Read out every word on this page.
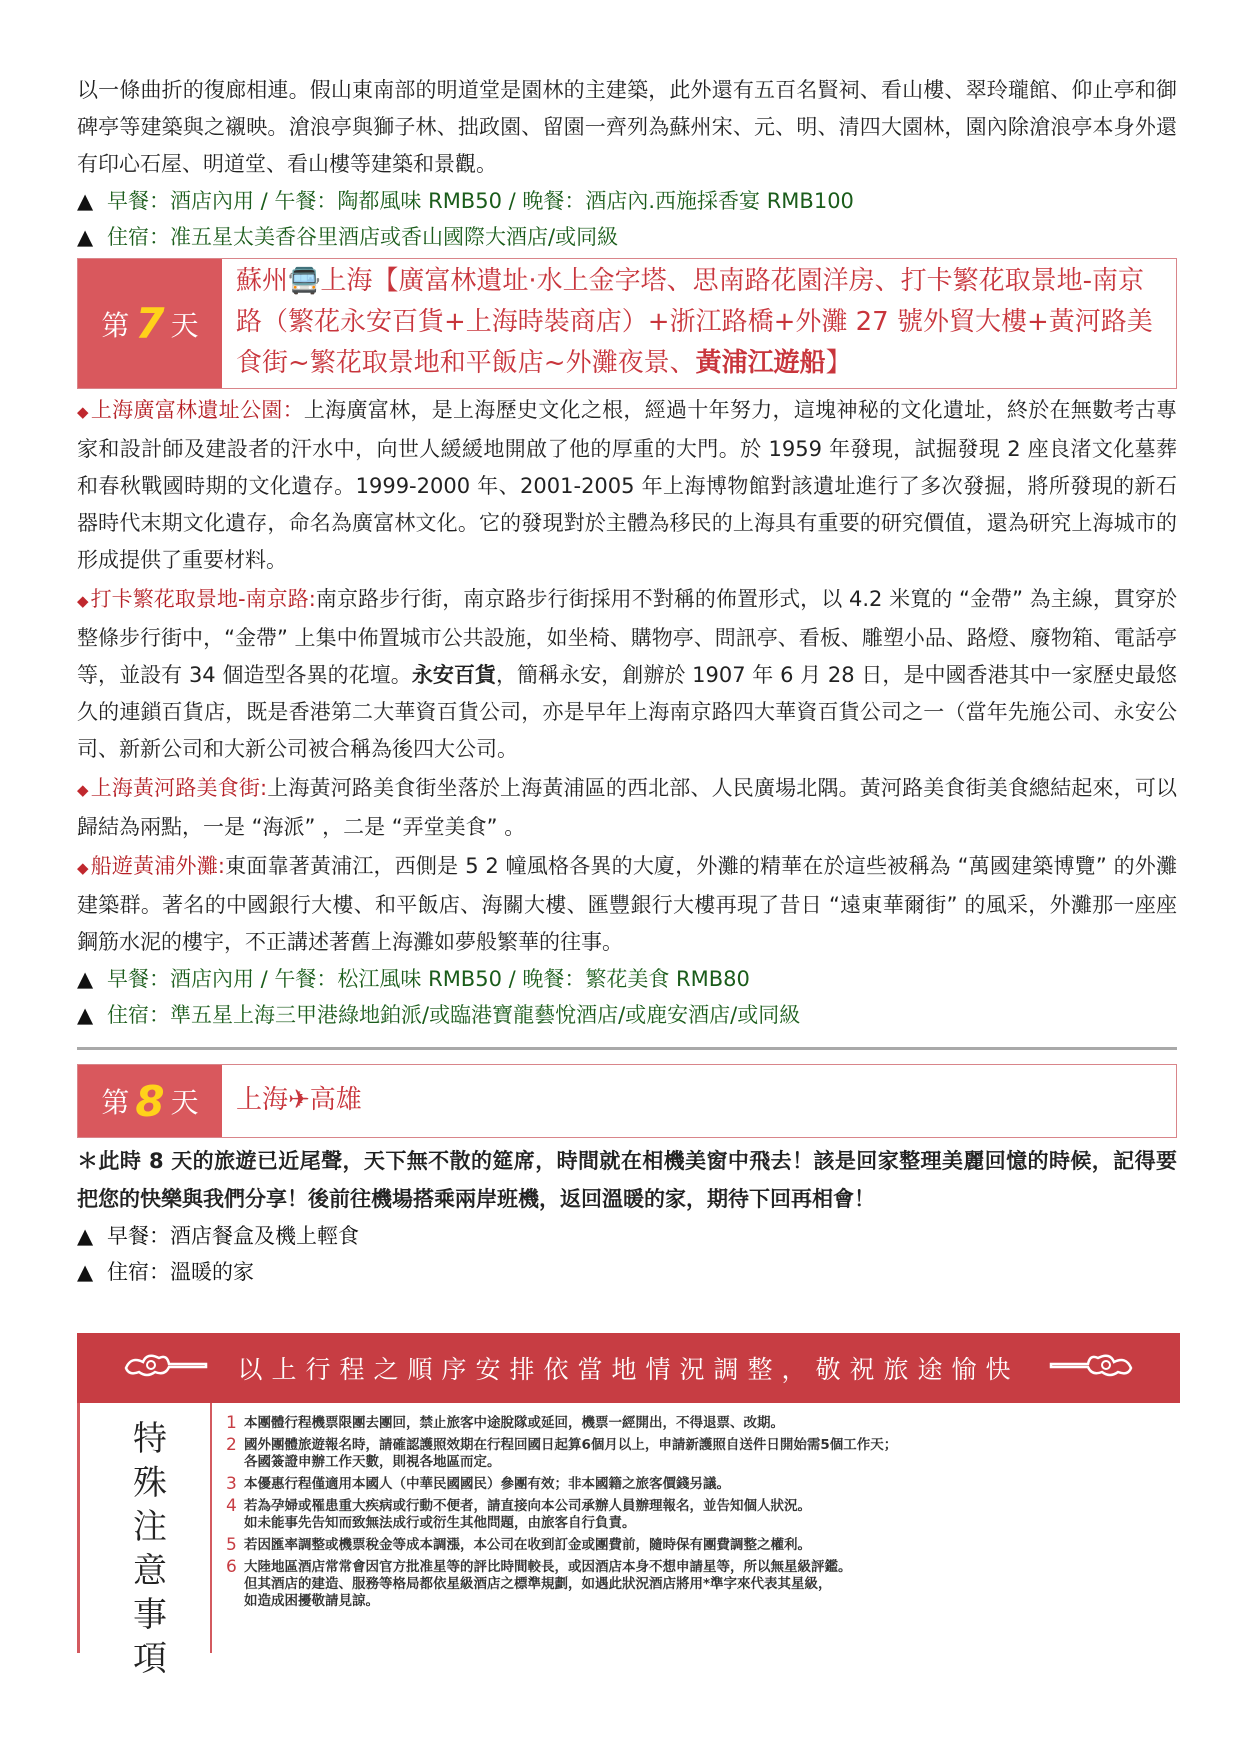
以一條曲折的復廊相連。假山東南部的明道堂是園林的主建築，此外還有五百名賢祠、看山樓、翠玲瓏館、仰止亭和御碑亭等建築與之襯映。滄浪亭與獅子林、拙政園、留園一齊列為蘇州宋、元、明、清四大園林，園內除滄浪亭本身外還有印心石屋、明道堂、看山樓等建築和景觀。

▲ 早餐：酒店內用 / 午餐：陶都風味 RMB50 / 晚餐：酒店內.西施採香宴 RMB100

▲ 住宿：准五星太美香谷里酒店或香山國際大酒店/或同級

第 7 天
蘇州🚍上海【廣富林遺址·水上金字塔、思南路花園洋房、打卡繁花取景地-南京路（繁花永安百貨+上海時裝商店）+浙江路橋+外灘 27 號外貿大樓+黃河路美食街~繁花取景地和平飯店~外灘夜景、黃浦江遊船】

◆上海廣富林遺址公園：上海廣富林，是上海歷史文化之根，經過十年努力，這塊神秘的文化遺址，終於在無數考古專家和設計師及建設者的汗水中，向世人緩緩地開啟了他的厚重的大門。於 1959 年發現，試掘發現 2 座良渚文化墓葬和春秋戰國時期的文化遺存。1999-2000 年、2001-2005 年上海博物館對該遺址進行了多次發掘，將所發現的新石器時代末期文化遺存，命名為廣富林文化。它的發現對於主體為移民的上海具有重要的研究價值，還為研究上海城市的形成提供了重要材料。

◆打卡繁花取景地-南京路:南京路步行街，南京路步行街採用不對稱的佈置形式，以 4.2 米寬的 “金帶” 為主線，貫穿於整條步行街中，“金帶” 上集中佈置城市公共設施，如坐椅、購物亭、問訊亭、看板、雕塑小品、路燈、廢物箱、電話亭等，並設有 34 個造型各異的花壇。永安百貨，簡稱永安，創辦於 1907 年 6 月 28 日，是中國香港其中一家歷史最悠久的連鎖百貨店，既是香港第二大華資百貨公司，亦是早年上海南京路四大華資百貨公司之一（當年先施公司、永安公司、新新公司和大新公司被合稱為後四大公司。

◆上海黃河路美食街:上海黃河路美食街坐落於上海黃浦區的西北部、人民廣場北隅。黃河路美食街美食總結起來，可以歸結為兩點，一是 “海派” ，二是 “弄堂美食” 。

◆船遊黃浦外灘:東面靠著黃浦江，西側是 5 2 幢風格各異的大廈，外灘的精華在於這些被稱為 “萬國建築博覽” 的外灘建築群。著名的中國銀行大樓、和平飯店、海關大樓、匯豐銀行大樓再現了昔日 “遠東華爾街” 的風采，外灘那一座座鋼筋水泥的樓宇，不正講述著舊上海灘如夢般繁華的往事。

▲ 早餐：酒店內用 / 午餐：松江風味 RMB50 / 晚餐：繁花美食 RMB80

▲ 住宿：準五星上海三甲港綠地鉑派/或臨港寶龍藝悅酒店/或鹿安酒店/或同級

第 8 天	上海✈高雄

＊此時 8 天的旅遊已近尾聲，天下無不散的筵席，時間就在相機美窗中飛去！該是回家整理美麗回憶的時候，記得要把您的快樂與我們分享！後前往機場搭乘兩岸班機，返回溫暖的家，期待下回再相會！

▲ 早餐：酒店餐盒及機上輕食

▲ 住宿：溫暖的家

以上行程之順序安排依當地情況調整，敬祝旅途愉快
特
殊
注
意
事
項
1 本團體行程機票限團去團回，禁止旅客中途脫隊或延回，機票一經開出，不得退票、改期。
2 國外團體旅遊報名時，請確認護照效期在行程回國日起算6個月以上，申請新護照自送件日開始需5個工作天；
各國簽證申辦工作天數，則視各地區而定。
3 本優惠行程僅適用本國人（中華民國國民）參團有效；非本國籍之旅客價錢另議。
4 若為孕婦或罹患重大疾病或行動不便者，請直接向本公司承辦人員辦理報名，並告知個人狀況。
如未能事先告知而致無法成行或衍生其他問題，由旅客自行負責。
5 若因匯率調整或機票稅金等成本調漲，本公司在收到訂金或團費前，隨時保有團費調整之權利。
6 大陸地區酒店常常會因官方批准星等的評比時間較長，或因酒店本身不想申請星等，所以無星級評鑑。
但其酒店的建造、服務等格局都依星級酒店之標準規劃，如遇此狀況酒店將用*準字來代表其星級，
如造成困擾敬請見諒。
